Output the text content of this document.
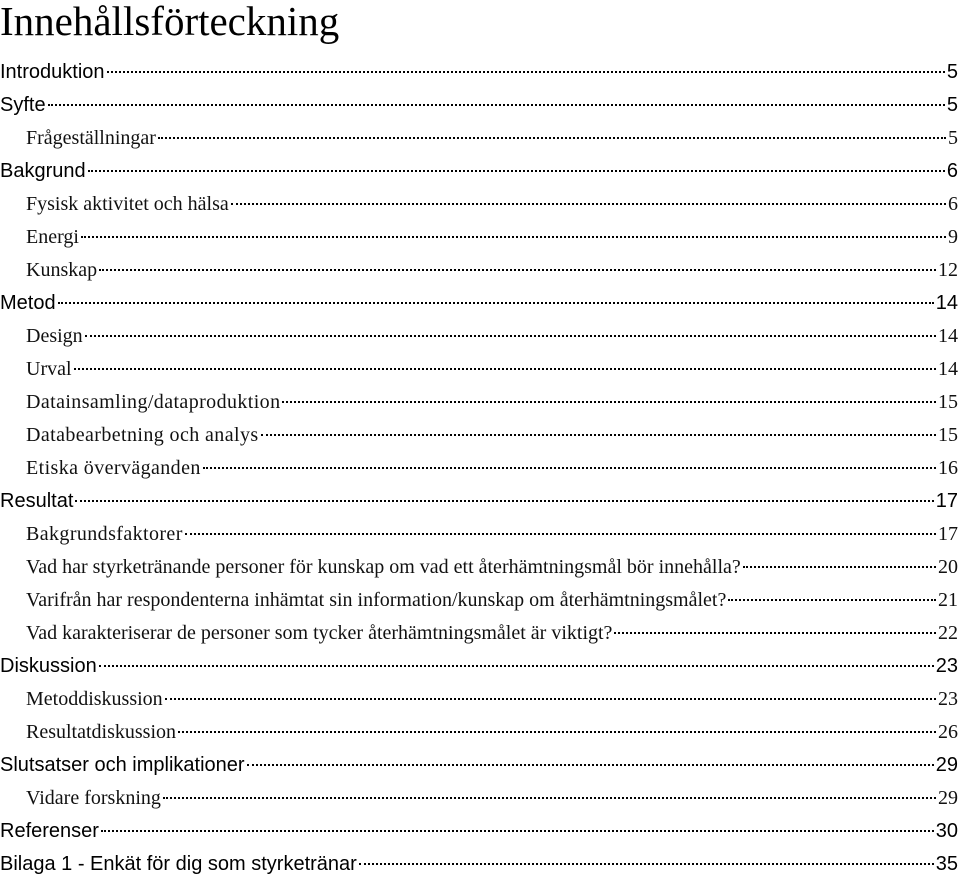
Innehållsförteckning
Introduktion	5
Syfte	5
Frågeställningar	5
Bakgrund	6
Fysisk aktivitet och hälsa	6
Energi	9
Kunskap	12
Metod	14
Design	14
Urval	14
Datainsamling/dataproduktion	15
Databearbetning och analys	15
Etiska överväganden	16
Resultat	17
Bakgrundsfaktorer	17
Vad har styrketränande personer för kunskap om vad ett återhämtningsmål bör innehålla?	20
Varifrån har respondenterna inhämtat sin information/kunskap om återhämtningsmålet?	21
Vad karakteriserar de personer som tycker återhämtningsmålet är viktigt?	22
Diskussion	23
Metoddiskussion	23
Resultatdiskussion	26
Slutsatser och implikationer	29
Vidare forskning	29
Referenser	30
Bilaga 1 - Enkät för dig som styrketränar	35
